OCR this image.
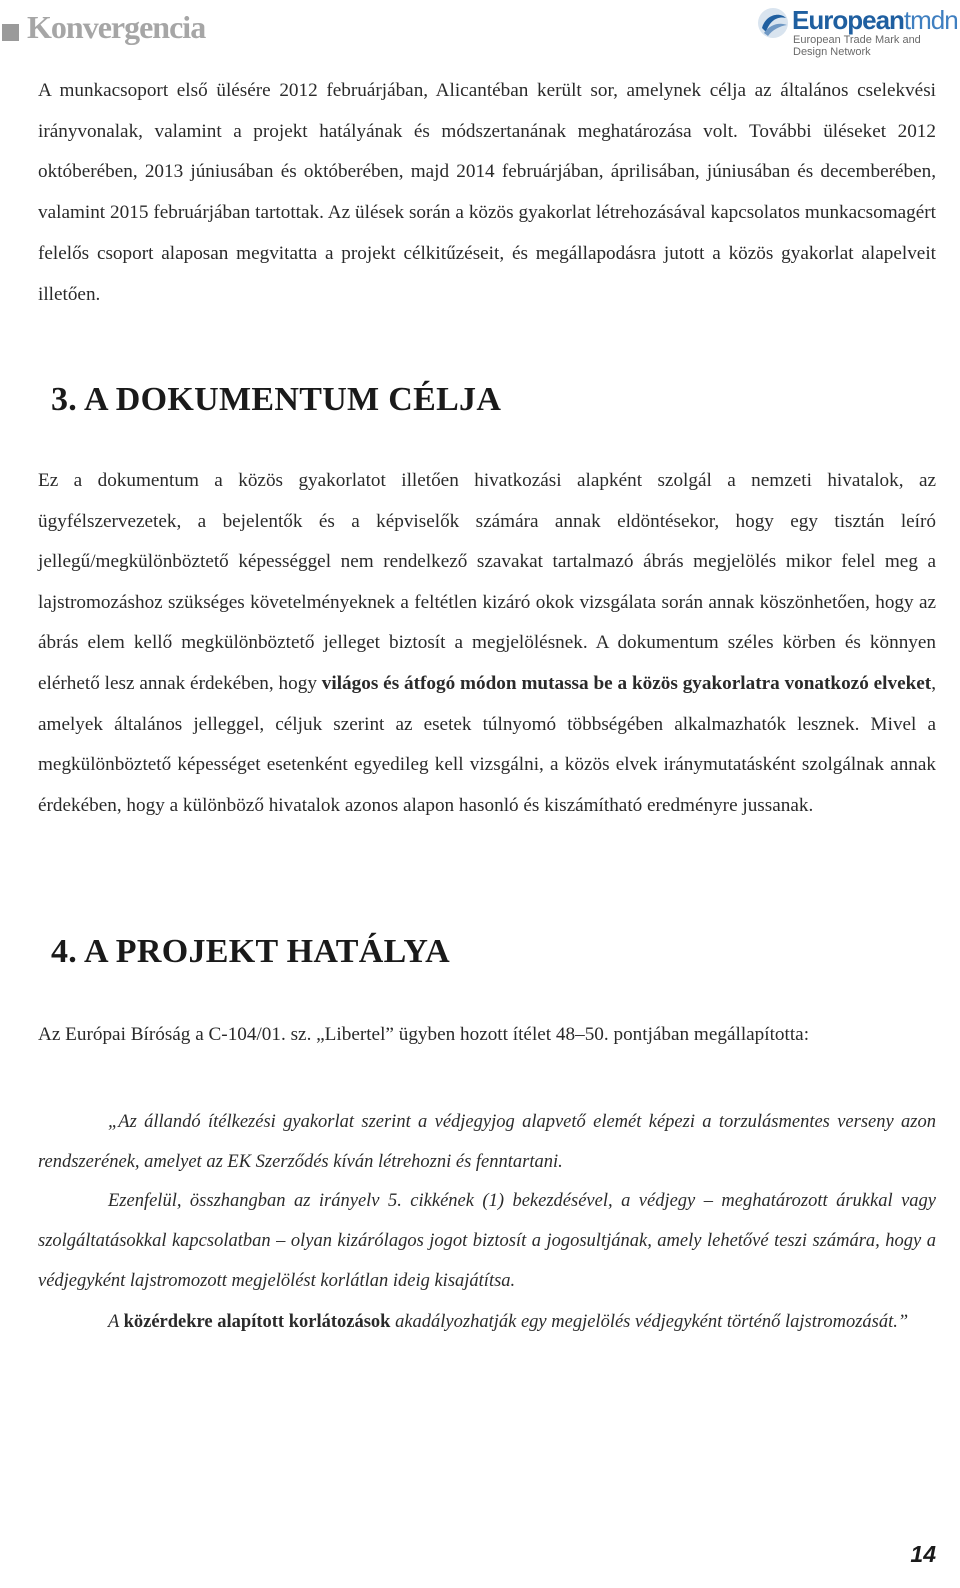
Konvergencia	Europeantmdn
European Trade Mark and
Design Network

A munkacsoport első ülésére 2012 februárjában, Alicantéban került sor, amelynek célja az általános cselekvési irányvonalak, valamint a projekt hatályának és módszertanának meghatározása volt. További üléseket 2012 októberében, 2013 júniusában és októberében, majd 2014 februárjában, áprilisában, júniusában és decemberében, valamint 2015 februárjában tartottak. Az ülések során a közös gyakorlat létrehozásával kapcsolatos munkacsomagért felelős csoport alaposan megvitatta a projekt célkitűzéseit, és megállapodásra jutott a közös gyakorlat alapelveit illetően.

3. A DOKUMENTUM CÉLJA

Ez a dokumentum a közös gyakorlatot illetően hivatkozási alapként szolgál a nemzeti hivatalok, az ügyfélszervezetek, a bejelentők és a képviselők számára annak eldöntésekor, hogy egy tisztán leíró jellegű/megkülönböztető képességgel nem rendelkező szavakat tartalmazó ábrás megjelölés mikor felel meg a lajstromozáshoz szükséges követelményeknek a feltétlen kizáró okok vizsgálata során annak köszönhetően, hogy az ábrás elem kellő megkülönböztető jelleget biztosít a megjelölésnek. A dokumentum széles körben és könnyen elérhető lesz annak érdekében, hogy világos és átfogó módon mutassa be a közös gyakorlatra vonatkozó elveket, amelyek általános jelleggel, céljuk szerint az esetek túlnyomó többségében alkalmazhatók lesznek. Mivel a megkülönböztető képességet esetenként egyedileg kell vizsgálni, a közös elvek iránymutatásként szolgálnak annak érdekében, hogy a különböző hivatalok azonos alapon hasonló és kiszámítható eredményre jussanak.

4. A PROJEKT HATÁLYA

Az Európai Bíróság a C-104/01. sz. „Libertel” ügyben hozott ítélet 48–50. pontjában megállapította:

„Az állandó ítélkezési gyakorlat szerint a védjegyjog alapvető elemét képezi a torzulásmentes verseny azon rendszerének, amelyet az EK Szerződés kíván létrehozni és fenntartani.

Ezenfelül, összhangban az irányelv 5. cikkének (1) bekezdésével, a védjegy – meghatározott árukkal vagy szolgáltatásokkal kapcsolatban – olyan kizárólagos jogot biztosít a jogosultjának, amely lehetővé teszi számára, hogy a védjegyként lajstromozott megjelölést korlátlan ideig kisajátítsa.

A közérdekre alapított korlátozások akadályozhatják egy megjelölés védjegyként történő lajstromozását.”

14
